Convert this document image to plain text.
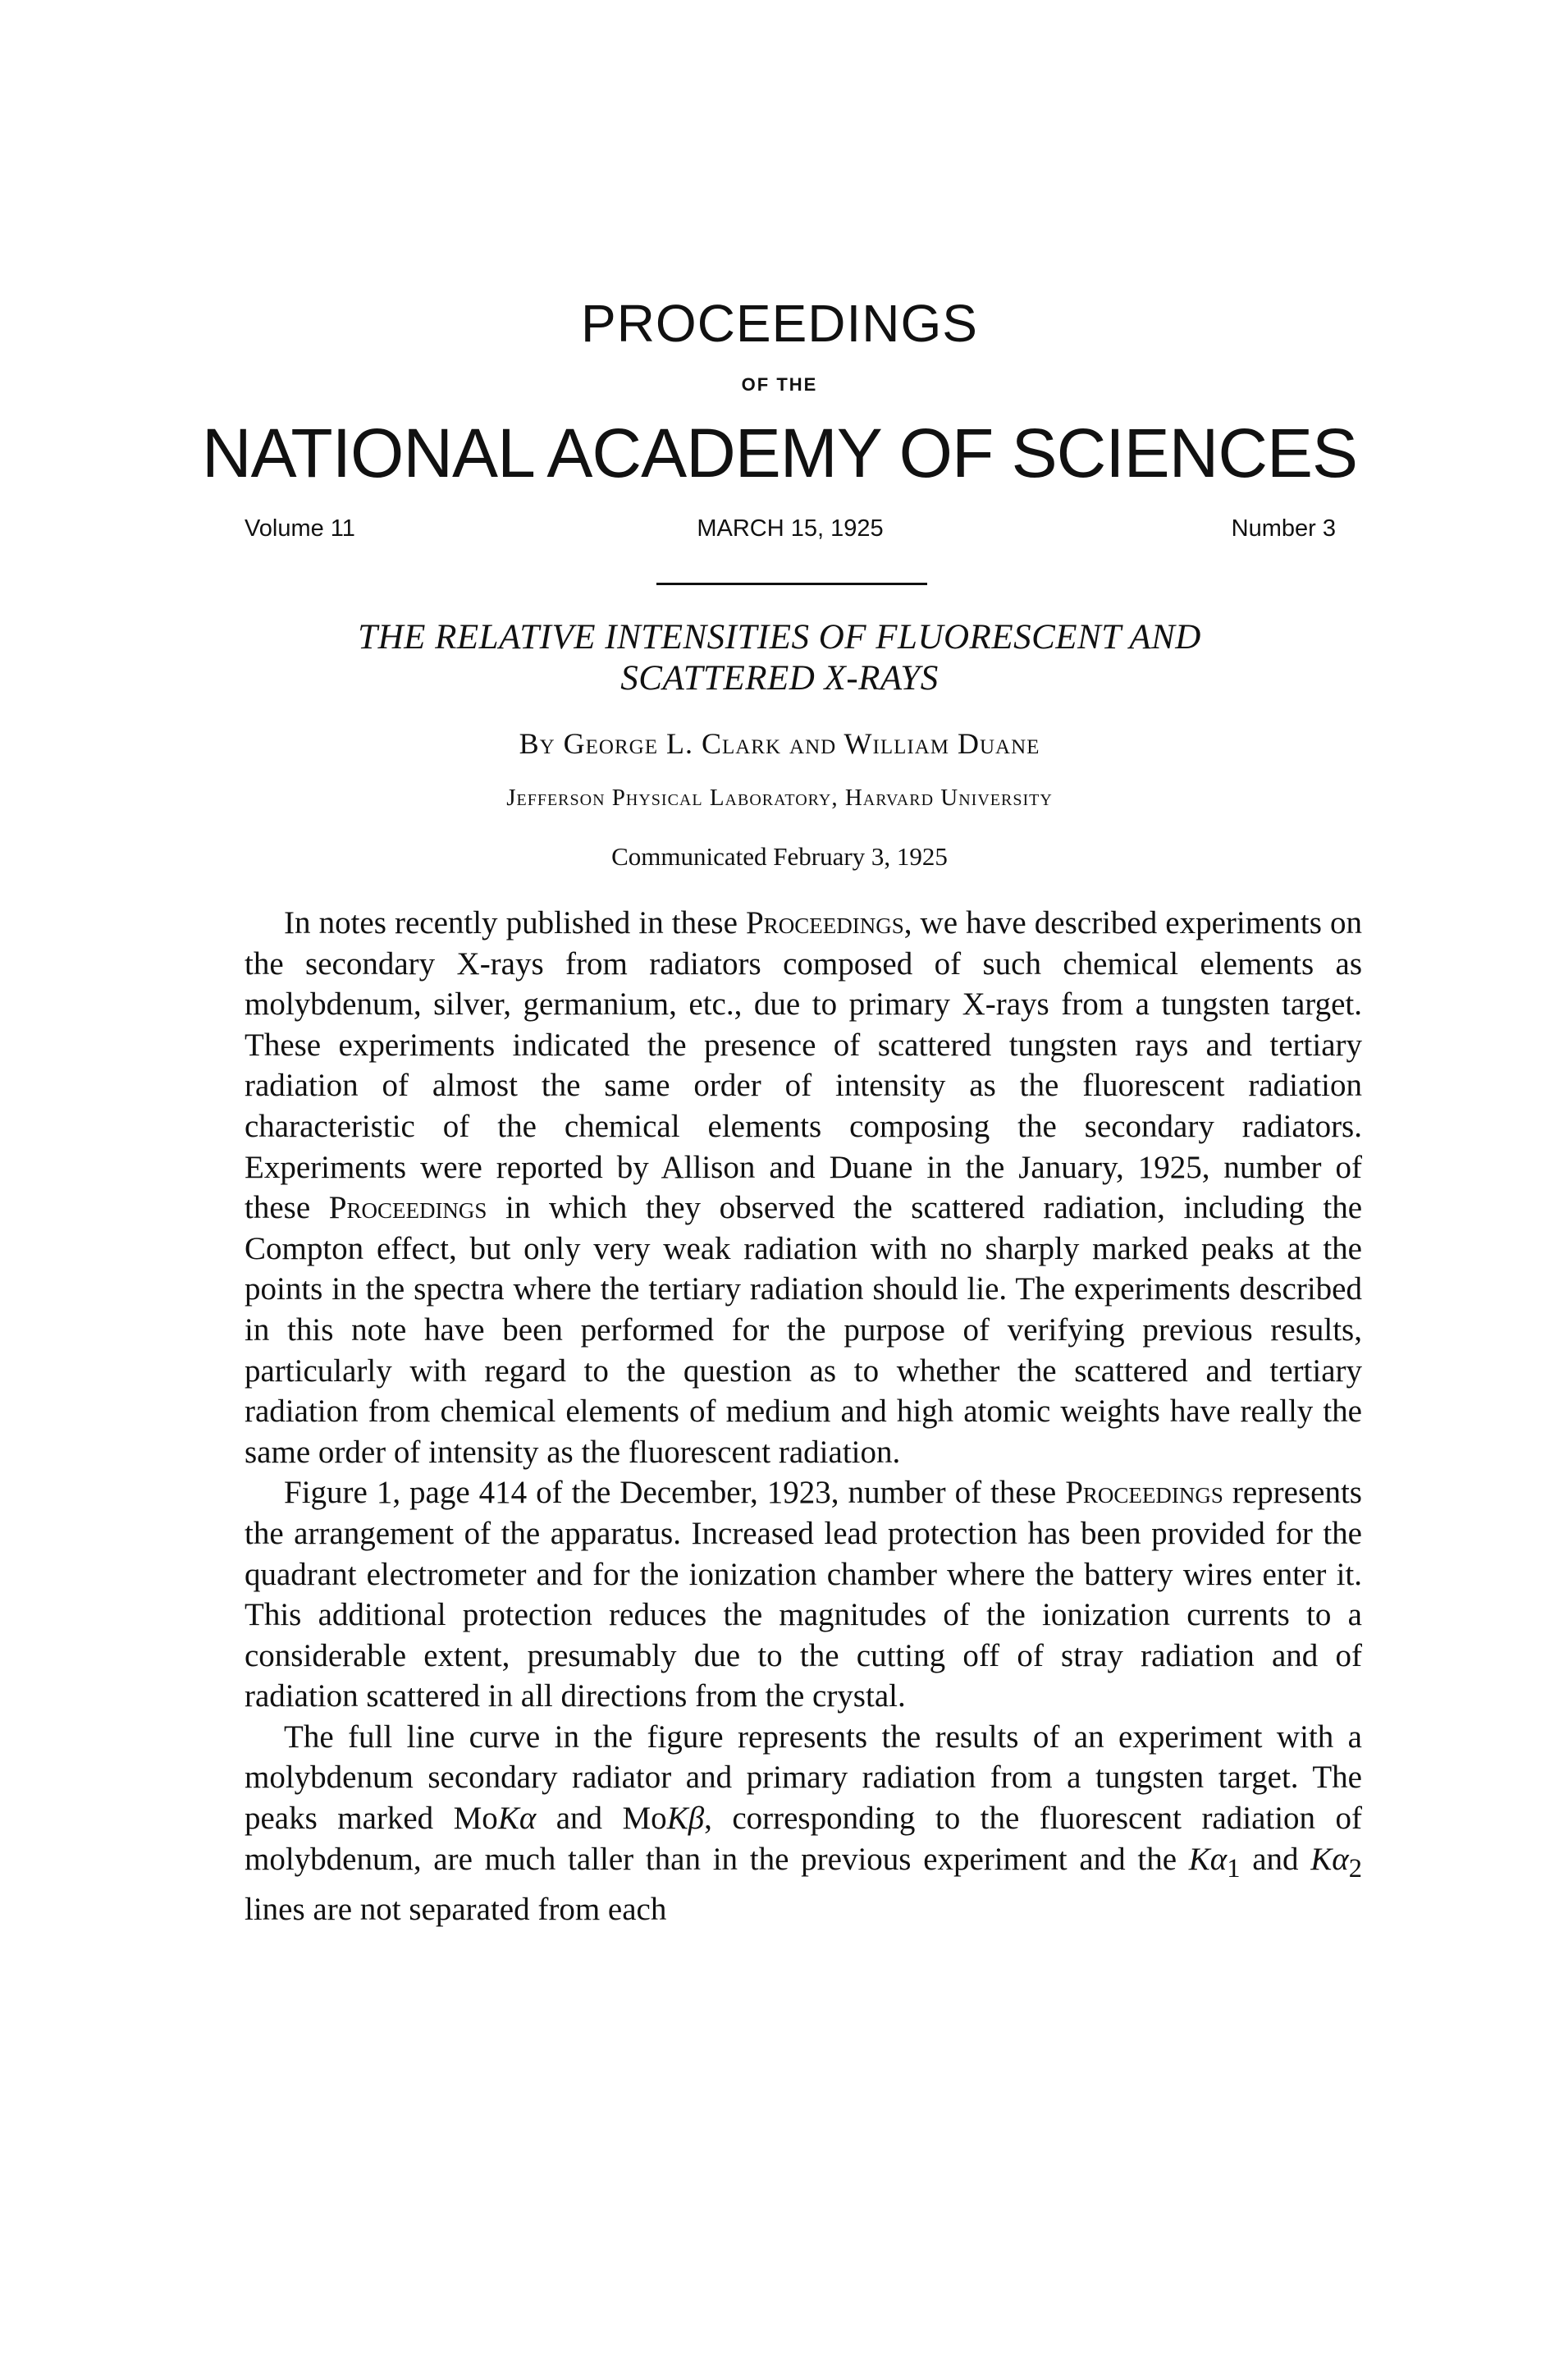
PROCEEDINGS
OF THE
NATIONAL ACADEMY OF SCIENCES
Volume 11	MARCH 15, 1925	Number 3
THE RELATIVE INTENSITIES OF FLUORESCENT AND
SCATTERED X-RAYS
By George L. Clark and William Duane
Jefferson Physical Laboratory, Harvard University
Communicated February 3, 1925

In notes recently published in these Proceedings, we have described experiments on the secondary X-rays from radiators composed of such chemical elements as molybdenum, silver, germanium, etc., due to primary X-rays from a tungsten target. These experiments indicated the presence of scattered tungsten rays and tertiary radiation of almost the same order of intensity as the fluorescent radiation characteristic of the chemical elements composing the secondary radiators. Experiments were reported by Allison and Duane in the January, 1925, number of these Proceedings in which they observed the scattered radiation, including the Compton effect, but only very weak radiation with no sharply marked peaks at the points in the spectra where the tertiary radiation should lie. The experiments described in this note have been performed for the purpose of verifying previous results, particularly with regard to the question as to whether the scattered and tertiary radiation from chemical elements of medium and high atomic weights have really the same order of intensity as the fluorescent radiation.

Figure 1, page 414 of the December, 1923, number of these Proceedings represents the arrangement of the apparatus. Increased lead protection has been provided for the quadrant electrometer and for the ionization chamber where the battery wires enter it. This additional protection reduces the magnitudes of the ionization currents to a considerable extent, presumably due to the cutting off of stray radiation and of radiation scattered in all directions from the crystal.

The full line curve in the figure represents the results of an experiment with a molybdenum secondary radiator and primary radiation from a tungsten target. The peaks marked MoKα and MoKβ, corresponding to the fluorescent radiation of molybdenum, are much taller than in the previous experiment and the $K\alpha_1$ and $K\alpha_2$ lines are not separated from each
